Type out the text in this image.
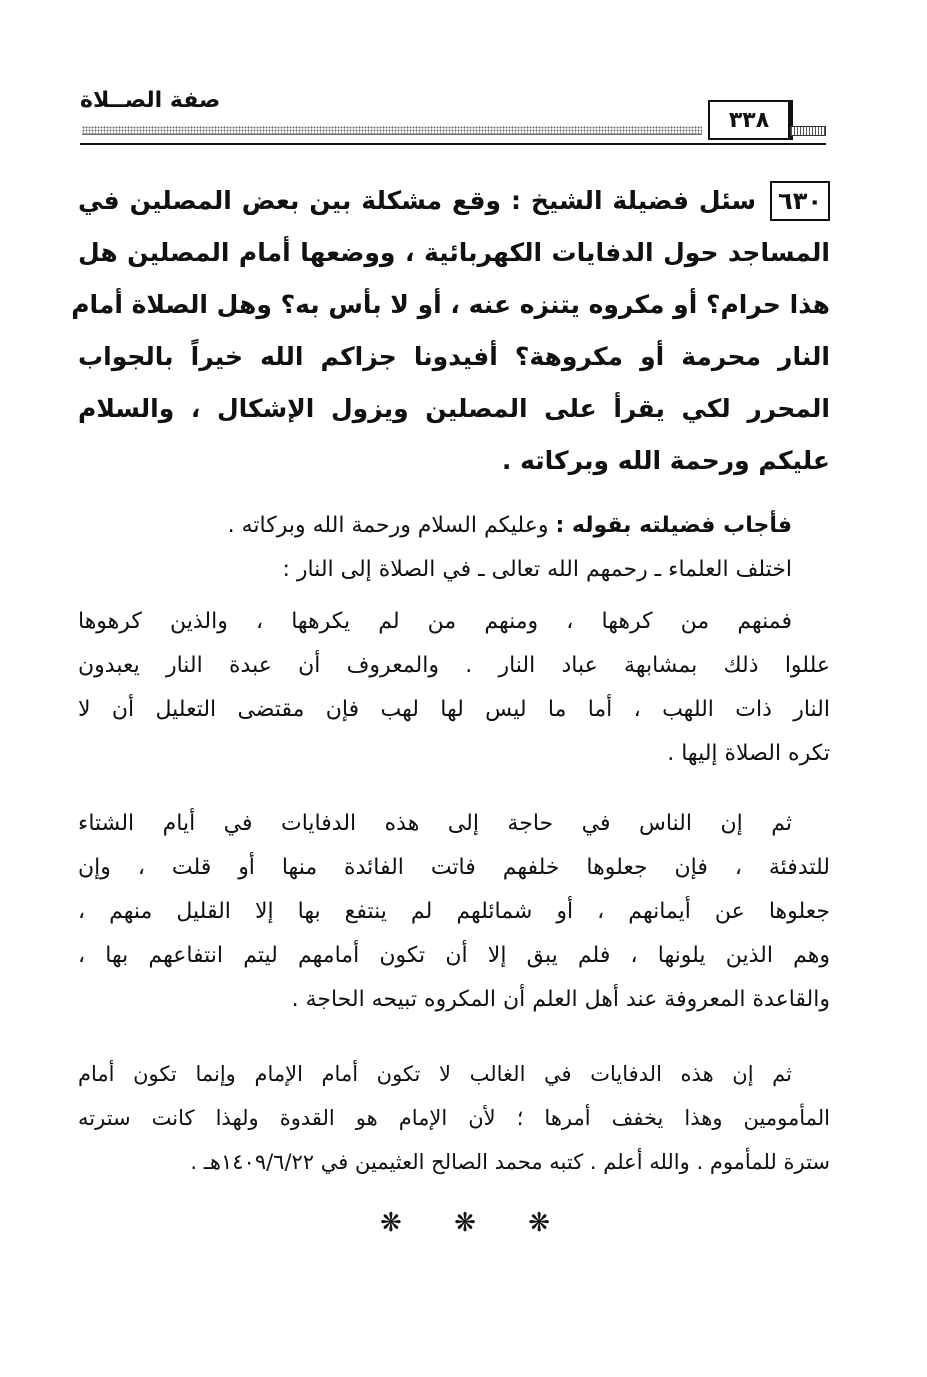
صفة الصــلاة
٣٣٨
٦٣٠سئل فضيلة الشيخ : وقع مشكلة بين بعض المصلين في
المساجد حول الدفايات الكهربائية ، ووضعها أمام المصلين هل
هذا حرام؟ أو مكروه يتنزه عنه ، أو لا بأس به؟ وهل الصلاة أمام
النار محرمة أو مكروهة؟ أفيدونا جزاكم الله خيراً بالجواب
المحرر لكي يقرأ على المصلين ويزول الإشكال ، والسلام
عليكم ورحمة الله وبركاته .
فأجاب فضيلته بقوله : وعليكم السلام ورحمة الله وبركاته .
اختلف العلماء ـ رحمهم الله تعالى ـ في الصلاة إلى النار :
فمنهم من كرهها ، ومنهم من لم يكرهها ، والذين كرهوها
عللوا ذلك بمشابهة عباد النار . والمعروف أن عبدة النار يعبدون
النار ذات اللهب ، أما ما ليس لها لهب فإن مقتضى التعليل أن لا
تكره الصلاة إليها .
ثم إن الناس في حاجة إلى هذه الدفايات في أيام الشتاء
للتدفئة ، فإن جعلوها خلفهم فاتت الفائدة منها أو قلت ، وإن
جعلوها عن أيمانهم ، أو شمائلهم لم ينتفع بها إلا القليل منهم ،
وهم الذين يلونها ، فلم يبق إلا أن تكون أمامهم ليتم انتفاعهم بها ،
والقاعدة المعروفة عند أهل العلم أن المكروه تبيحه الحاجة .
ثم إن هذه الدفايات في الغالب لا تكون أمام الإمام وإنما تكون أمام
المأمومين وهذا يخفف أمرها ؛ لأن الإمام هو القدوة ولهذا كانت سترته
سترة للمأموم . والله أعلم . كتبه محمد الصالح العثيمين في ١٤٠٩/٦/٢٢هـ .
❋ ❋ ❋
